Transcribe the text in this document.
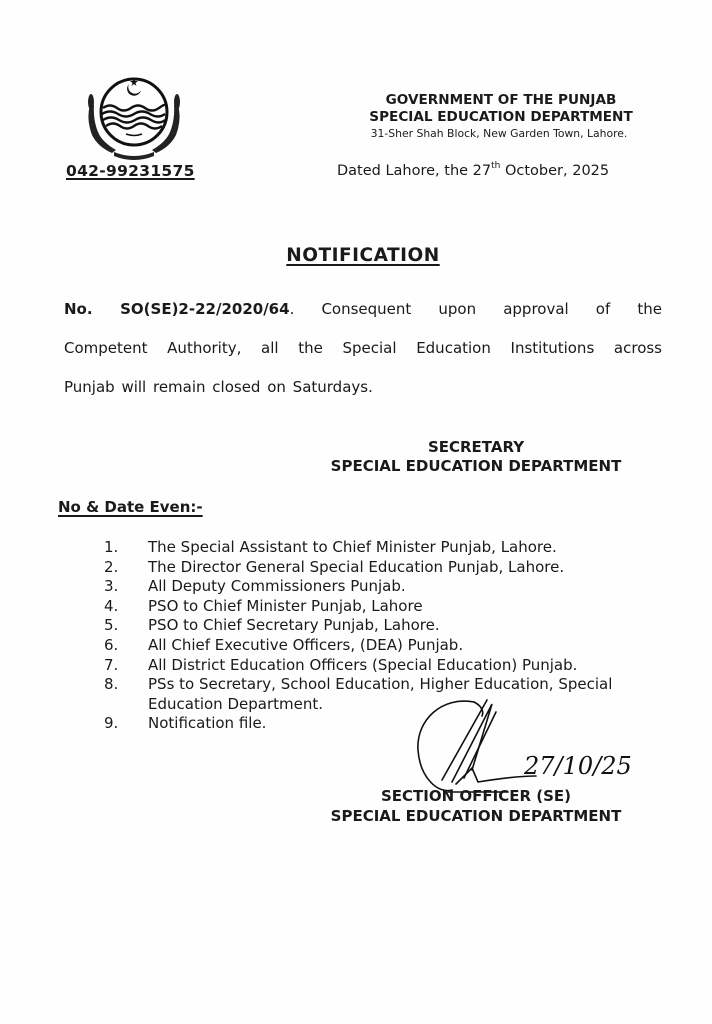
042-99231575
GOVERNMENT OF THE PUNJAB
SPECIAL EDUCATION DEPARTMENT
31-Sher Shah Block, New Garden Town, Lahore.
Dated Lahore, the 27th October, 2025
NOTIFICATION
No. SO(SE)2-22/2020/64. Consequent upon approval of the
Competent Authority, all the Special Education Institutions across
Punjab will remain closed on Saturdays.
SECRETARY
SPECIAL EDUCATION DEPARTMENT
No & Date Even:-
1.	The Special Assistant to Chief Minister Punjab, Lahore.
2.	The Director General Special Education Punjab, Lahore.
3.	All Deputy Commissioners Punjab.
4.	PSO to Chief Minister Punjab, Lahore
5.	PSO to Chief Secretary Punjab, Lahore.
6.	All Chief Executive Officers, (DEA) Punjab.
7.	All District Education Officers (Special Education) Punjab.
8.	PSs to Secretary, School Education, Higher Education, Special Education Department.
9.	Notification file.
27/10/25
SECTION OFFICER (SE)
SPECIAL EDUCATION DEPARTMENT
